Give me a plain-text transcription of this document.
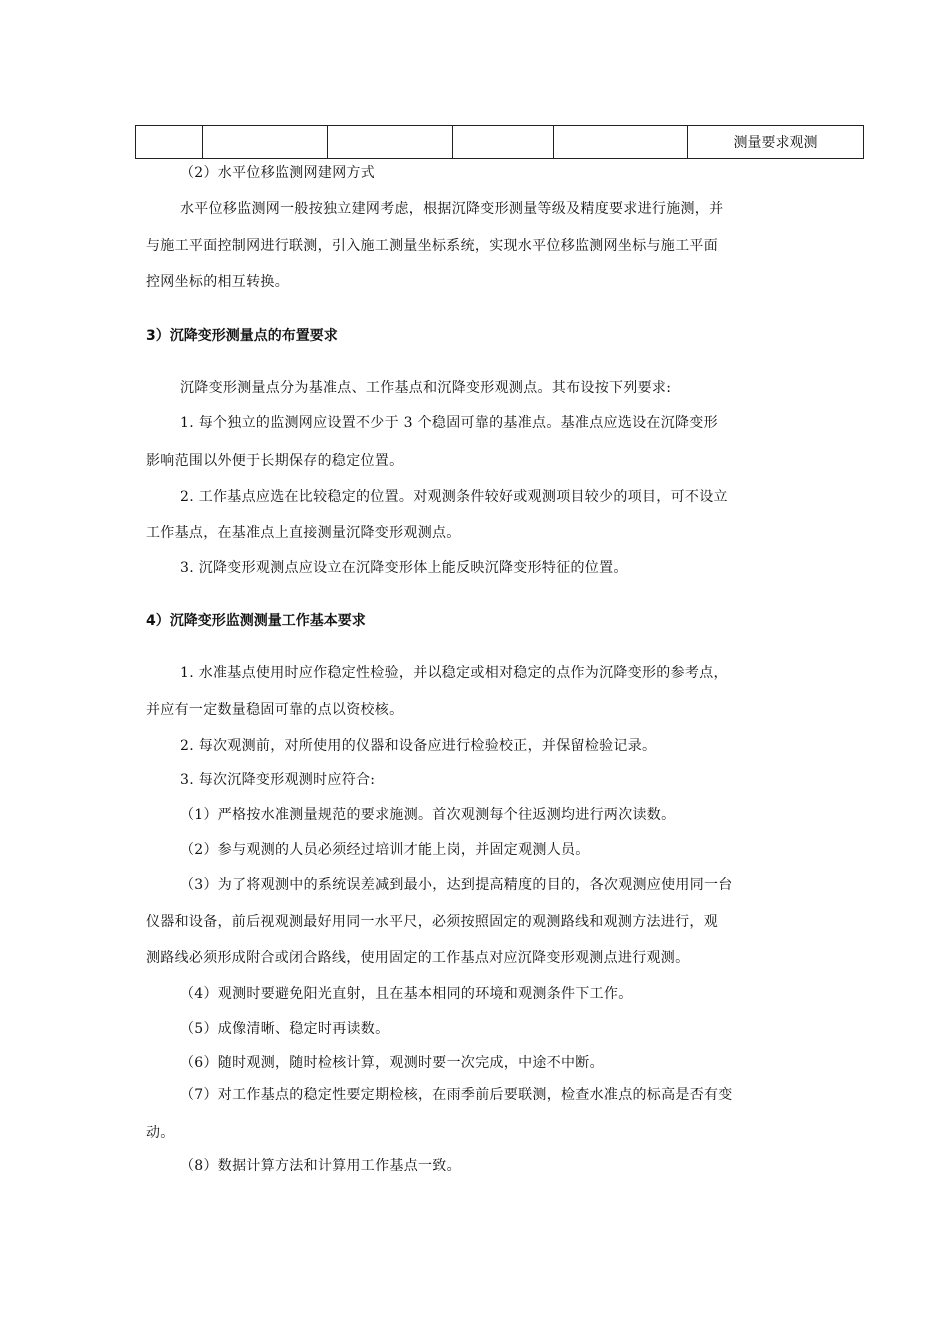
					测量要求观测
（2）水平位移监测网建网方式
水平位移监测网一般按独立建网考虑，根据沉降变形测量等级及精度要求进行施测，并
与施工平面控制网进行联测，引入施工测量坐标系统，实现水平位移监测网坐标与施工平面
控网坐标的相互转换。
3）沉降变形测量点的布置要求
沉降变形测量点分为基准点、工作基点和沉降变形观测点。其布设按下列要求:
1. 每个独立的监测网应设置不少于 3 个稳固可靠的基准点。基准点应选设在沉降变形
影响范围以外便于长期保存的稳定位置。
2. 工作基点应选在比较稳定的位置。对观测条件较好或观测项目较少的项目，可不设立
工作基点，在基准点上直接测量沉降变形观测点。
3. 沉降变形观测点应设立在沉降变形体上能反映沉降变形特征的位置。
4）沉降变形监测测量工作基本要求
1. 水准基点使用时应作稳定性检验，并以稳定或相对稳定的点作为沉降变形的参考点，
并应有一定数量稳固可靠的点以资校核。
2. 每次观测前，对所使用的仪器和设备应进行检验校正，并保留检验记录。
3. 每次沉降变形观测时应符合:
（1）严格按水准测量规范的要求施测。首次观测每个往返测均进行两次读数。
（2）参与观测的人员必须经过培训才能上岗，并固定观测人员。
（3）为了将观测中的系统误差减到最小，达到提高精度的目的，各次观测应使用同一台
仪器和设备，前后视观测最好用同一水平尺，必须按照固定的观测路线和观测方法进行，观
测路线必须形成附合或闭合路线，使用固定的工作基点对应沉降变形观测点进行观测。
（4）观测时要避免阳光直射，且在基本相同的环境和观测条件下工作。
（5）成像清晰、稳定时再读数。
（6）随时观测，随时检核计算，观测时要一次完成，中途不中断。
（7）对工作基点的稳定性要定期检核，在雨季前后要联测，检查水准点的标高是否有变
动。
（8）数据计算方法和计算用工作基点一致。
